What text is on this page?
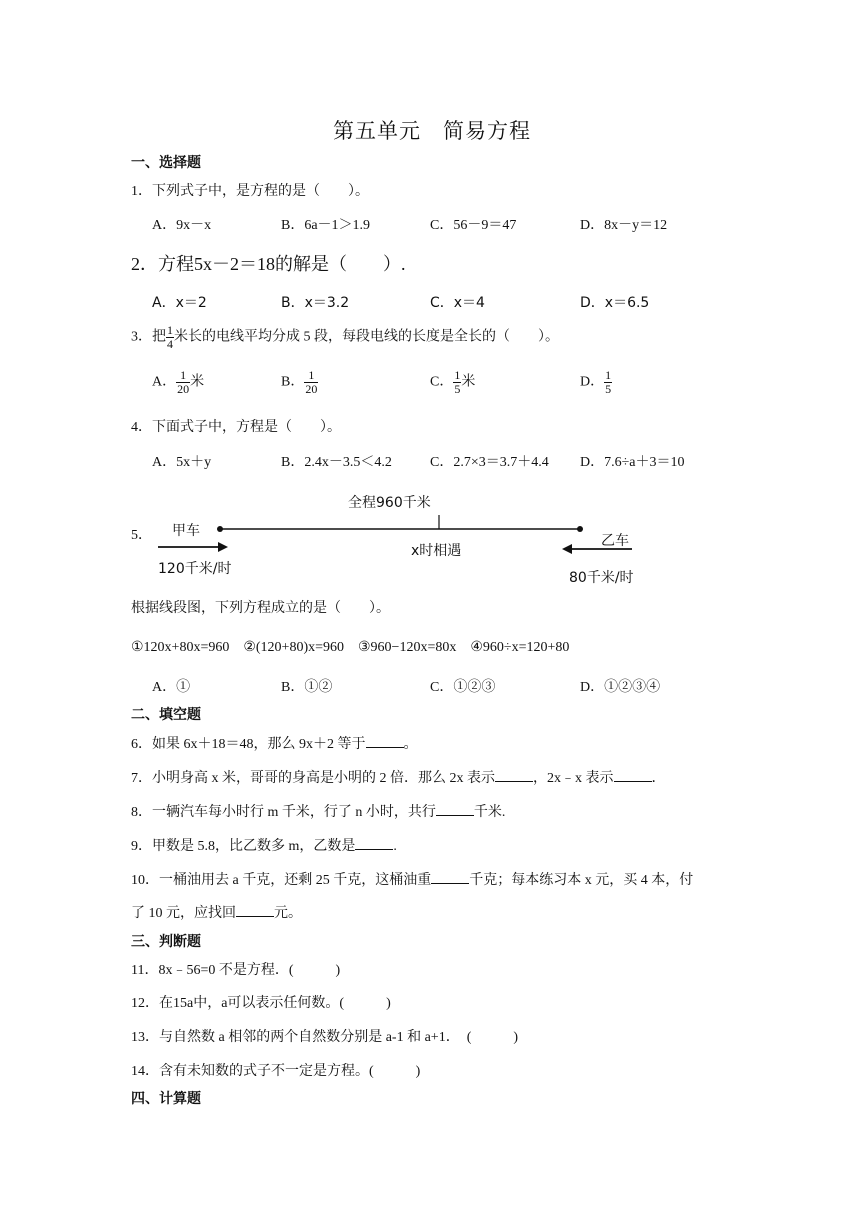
第五单元　简易方程
一、选择题
1．下列式子中，是方程的是（　　）。
A．9x－x	B．6a－1＞1.9	C．56－9＝47	D．8x－y＝12
2．方程5x－2＝18的解是（　　）.
A．x＝2	B．x＝3.2	C．x＝4	D．x＝6.5
3．把 $\frac{1}{4}$ 米长的电线平均分成 5 段，每段电线的长度是全长的（　　）。
A． $\frac{1}{20}$ 米	B． $\frac{1}{20}$	C． $\frac{1}{5}$ 米	D． $\frac{1}{5}$
4．下面式子中，方程是（　　）。
A．5x＋y	B．2.4x－3.5＜4.2	C．2.7×3＝3.7＋4.4 D．7.6÷a＋3＝10
5．
全程960千米
甲车
乙车
x时相遇
120千米/时
80千米/时
根据线段图，下列方程成立的是（　　）。
①120x+80x=960　②(120+80)x=960　③960−120x=80x　④960÷x=120+80
A．①	B．①②	C．①②③	D．①②③④
二、填空题
6．如果 6x＋18＝48，那么 9x＋2 等于	。
7．小明身高 x 米，哥哥的身高是小明的 2 倍．那么 2x 表示	，2x﹣x 表示	．
8．一辆汽车每小时行 m 千米，行了 n 小时，共行	千米.
9．甲数是 5.8，比乙数多 m，乙数是	.
10．一桶油用去 a 千克，还剩 25 千克，这桶油重	千克；每本练习本 x 元，买 4 本，付
了 10 元，应找回	元。
三、判断题
11．8x﹣56=0 不是方程．(　　　)
12．在15a中，a可以表示任何数。(　　　)
13．与自然数 a 相邻的两个自然数分别是 a-1 和 a+1．　(　　　)
14．含有未知数的式子不一定是方程。(　　　)
四、计算题
